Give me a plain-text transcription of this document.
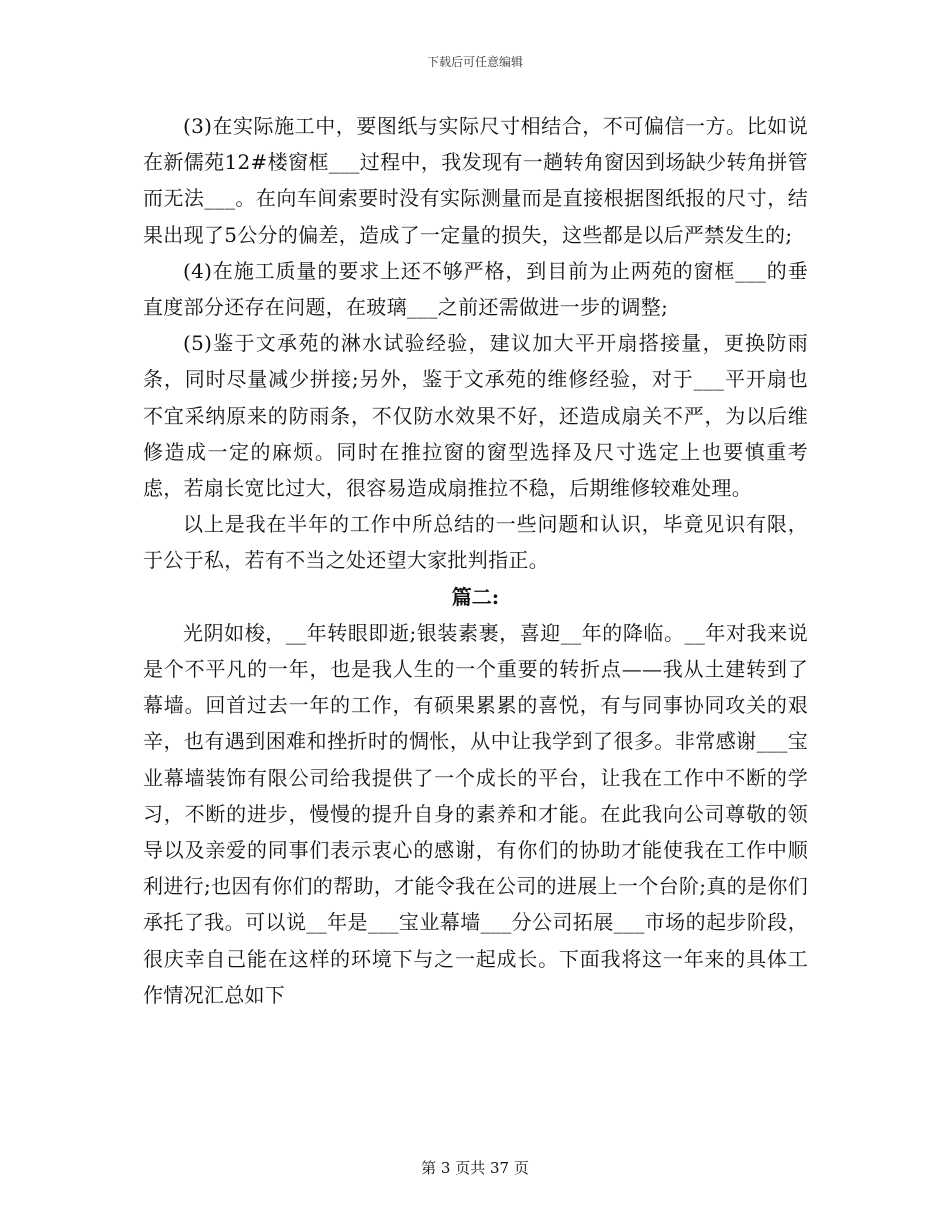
下载后可任意编辑

(3)在实际施工中，要图纸与实际尺寸相结合，不可偏信一方。比如说在新儒苑12#楼窗框___过程中，我发现有一趟转角窗因到场缺少转角拼管而无法___。在向车间索要时没有实际测量而是直接根据图纸报的尺寸，结果出现了5公分的偏差，造成了一定量的损失，这些都是以后严禁发生的;

(4)在施工质量的要求上还不够严格，到目前为止两苑的窗框___的垂直度部分还存在问题，在玻璃___之前还需做进一步的调整;

(5)鉴于文承苑的淋水试验经验，建议加大平开扇搭接量，更换防雨条，同时尽量减少拼接;另外，鉴于文承苑的维修经验，对于___平开扇也不宜采纳原来的防雨条，不仅防水效果不好，还造成扇关不严，为以后维修造成一定的麻烦。同时在推拉窗的窗型选择及尺寸选定上也要慎重考虑，若扇长宽比过大，很容易造成扇推拉不稳，后期维修较难处理。

以上是我在半年的工作中所总结的一些问题和认识，毕竟见识有限，于公于私，若有不当之处还望大家批判指正。

篇二:

光阴如梭，__年转眼即逝;银装素裹，喜迎__年的降临。__年对我来说是个不平凡的一年，也是我人生的一个重要的转折点——我从土建转到了幕墙。回首过去一年的工作，有硕果累累的喜悦，有与同事协同攻关的艰辛，也有遇到困难和挫折时的惆怅，从中让我学到了很多。非常感谢___宝业幕墙装饰有限公司给我提供了一个成长的平台，让我在工作中不断的学习，不断的进步，慢慢的提升自身的素养和才能。在此我向公司尊敬的领导以及亲爱的同事们表示衷心的感谢，有你们的协助才能使我在工作中顺利进行;也因有你们的帮助，才能令我在公司的进展上一个台阶;真的是你们承托了我。可以说__年是___宝业幕墙___分公司拓展___市场的起步阶段，很庆幸自己能在这样的环境下与之一起成长。下面我将这一年来的具体工作情况汇总如下

第 3 页共 37 页
